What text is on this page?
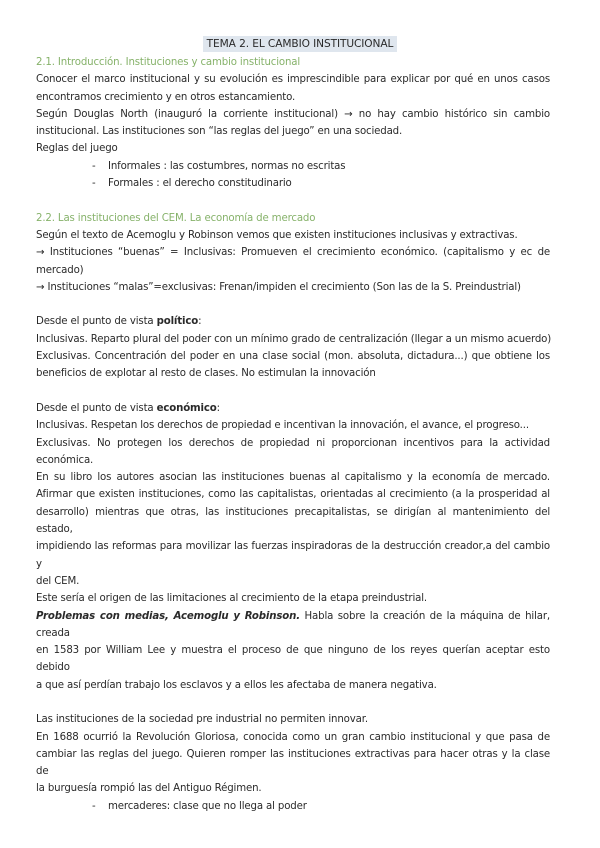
TEMA 2. EL CAMBIO INSTITUCIONAL

2.1. Introducción. Instituciones y cambio institucional

Conocer el marco institucional y su evolución es imprescindible para explicar por qué en unos casos

encontramos crecimiento y en otros estancamiento.

Según Douglas North (inauguró la corriente institucional) → no hay cambio histórico sin cambio

institucional. Las instituciones son “las reglas del juego” en una sociedad.

Reglas del juego

- Informales : las costumbres, normas no escritas

- Formales : el derecho constitudinario

2.2. Las instituciones del CEM. La economía de mercado

Según el texto de Acemoglu y Robinson vemos que existen instituciones inclusivas y extractivas.

→ Instituciones “buenas” = Inclusivas: Promueven el crecimiento económico. (capitalismo y ec de

mercado)

→ Instituciones “malas”=exclusivas: Frenan/impiden el crecimiento (Son las de la S. Preindustrial)

Desde el punto de vista político:

Inclusivas. Reparto plural del poder con un mínimo grado de centralización (llegar a un mismo acuerdo)

Exclusivas. Concentración del poder en una clase social (mon. absoluta, dictadura...) que obtiene los

beneficios de explotar al resto de clases. No estimulan la innovación

Desde el punto de vista económico:

Inclusivas. Respetan los derechos de propiedad e incentivan la innovación, el avance, el progreso...

Exclusivas. No protegen los derechos de propiedad ni proporcionan incentivos para la actividad

económica.

En su libro los autores asocian las instituciones buenas al capitalismo y la economía de mercado.

Afirmar que existen instituciones, como las capitalistas, orientadas al crecimiento (a la prosperidad al

desarrollo) mientras que otras, las instituciones precapitalistas, se dirigían al mantenimiento del estado,

impidiendo las reformas para movilizar las fuerzas inspiradoras de la destrucción creador,a del cambio y

del CEM.

Este sería el origen de las limitaciones al crecimiento de la etapa preindustrial.

Problemas con medias, Acemoglu y Robinson. Habla sobre la creación de la máquina de hilar, creada

en 1583 por William Lee y muestra el proceso de que ninguno de los reyes querían aceptar esto debido

a que así perdían trabajo los esclavos y a ellos les afectaba de manera negativa.

Las instituciones de la sociedad pre industrial no permiten innovar.

En 1688 ocurrió la Revolución Gloriosa, conocida como un gran cambio institucional y que pasa de

cambiar las reglas del juego. Quieren romper las instituciones extractivas para hacer otras y la clase de

la burguesía rompió las del Antiguo Régimen.

- mercaderes: clase que no llega al poder
